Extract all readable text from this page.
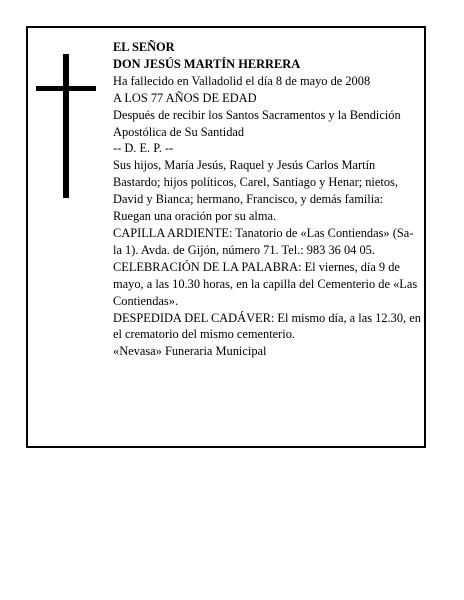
EL SEÑOR

DON JESÚS MARTÍN HERRERA

Ha fallecido en Valladolid el día 8 de mayo de 2008

A LOS 77 AÑOS DE EDAD

Después de recibir los Santos Sacramentos y la Bendición Apostólica de Su Santidad

-- D. E. P. --

Sus hijos, María Jesús, Raquel y Jesús Carlos Martín Bastardo; hijos políticos, Carel, Santiago y Henar; nietos, David y Bianca; hermano, Francisco, y demás familia:

Ruegan una oración por su alma.

CAPILLA ARDIENTE: Tanatorio de «Las Contiendas» (Sa-la 1). Avda. de Gijón, número 71. Tel.: 983 36 04 05.

CELEBRACIÓN DE LA PALABRA: El viernes, día 9 de mayo, a las 10.30 horas, en la capilla del Cementerio de «Las Contiendas».

DESPEDIDA DEL CADÁVER: El mismo día, a las 12.30, en el crematorio del mismo cementerio.

«Nevasa» Funeraria Municipal
